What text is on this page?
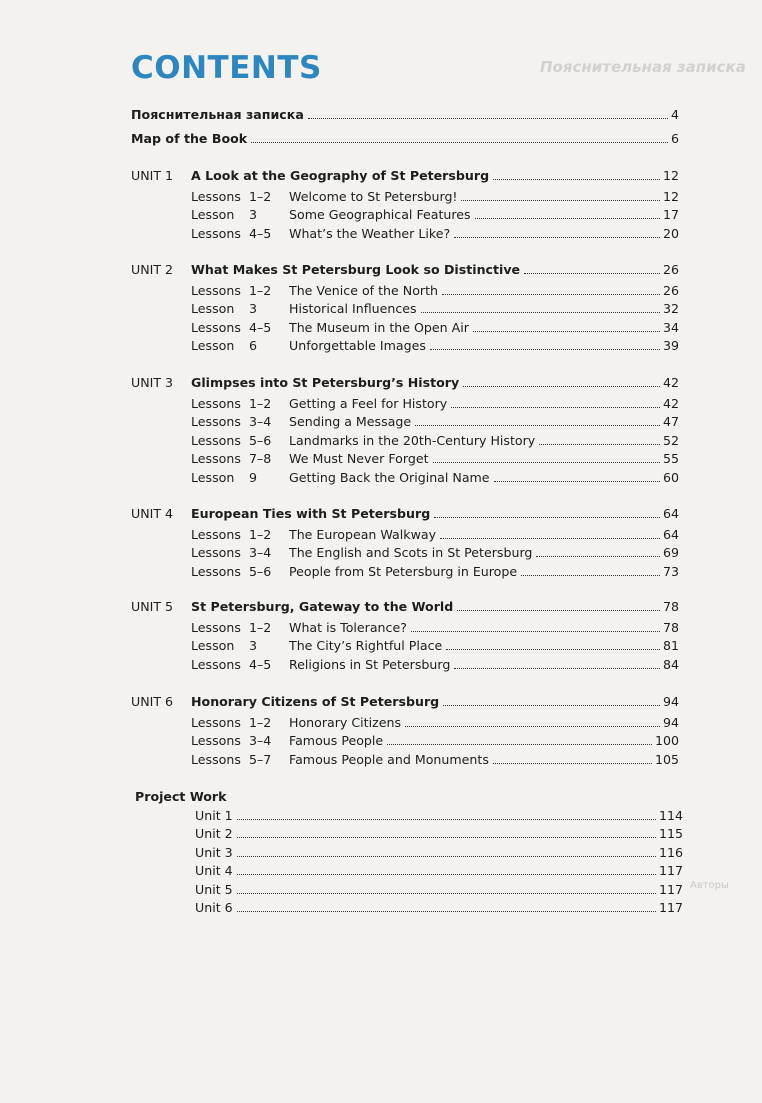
Пояснительная записка
Авторы
CONTENTS
Пояснительная записка	4
Map of the Book	6
UNIT 1 A Look at the Geography of St Petersburg	12
Lessons 1–2 Welcome to St Petersburg!	12
Lesson 3	Some Geographical Features	17
Lessons 4–5 What’s the Weather Like?	20
UNIT 2 What Makes St Petersburg Look so Distinctive	26
Lessons 1–2 The Venice of the North	26
Lesson 3	Historical Influences	32
Lessons 4–5 The Museum in the Open Air	34
Lesson 6	Unforgettable Images	39
UNIT 3 Glimpses into St Petersburg’s History	42
Lessons 1–2 Getting a Feel for History	42
Lessons 3–4 Sending a Message	47
Lessons 5–6 Landmarks in the 20th-Century History	52
Lessons 7–8 We Must Never Forget	55
Lesson 9	Getting Back the Original Name	60
UNIT 4 European Ties with St Petersburg	64
Lessons 1–2 The European Walkway	64
Lessons 3–4 The English and Scots in St Petersburg	69
Lessons 5–6 People from St Petersburg in Europe	73
UNIT 5 St Petersburg, Gateway to the World	78
Lessons 1–2 What is Tolerance?	78
Lesson 3	The City’s Rightful Place	81
Lessons 4–5 Religions in St Petersburg	84
UNIT 6 Honorary Citizens of St Petersburg	94
Lessons 1–2 Honorary Citizens	94
Lessons 3–4 Famous People	100
Lessons 5–7 Famous People and Monuments	105
Project Work
Unit 1	114
Unit 2	115
Unit 3	116
Unit 4	117
Unit 5	117
Unit 6	117
